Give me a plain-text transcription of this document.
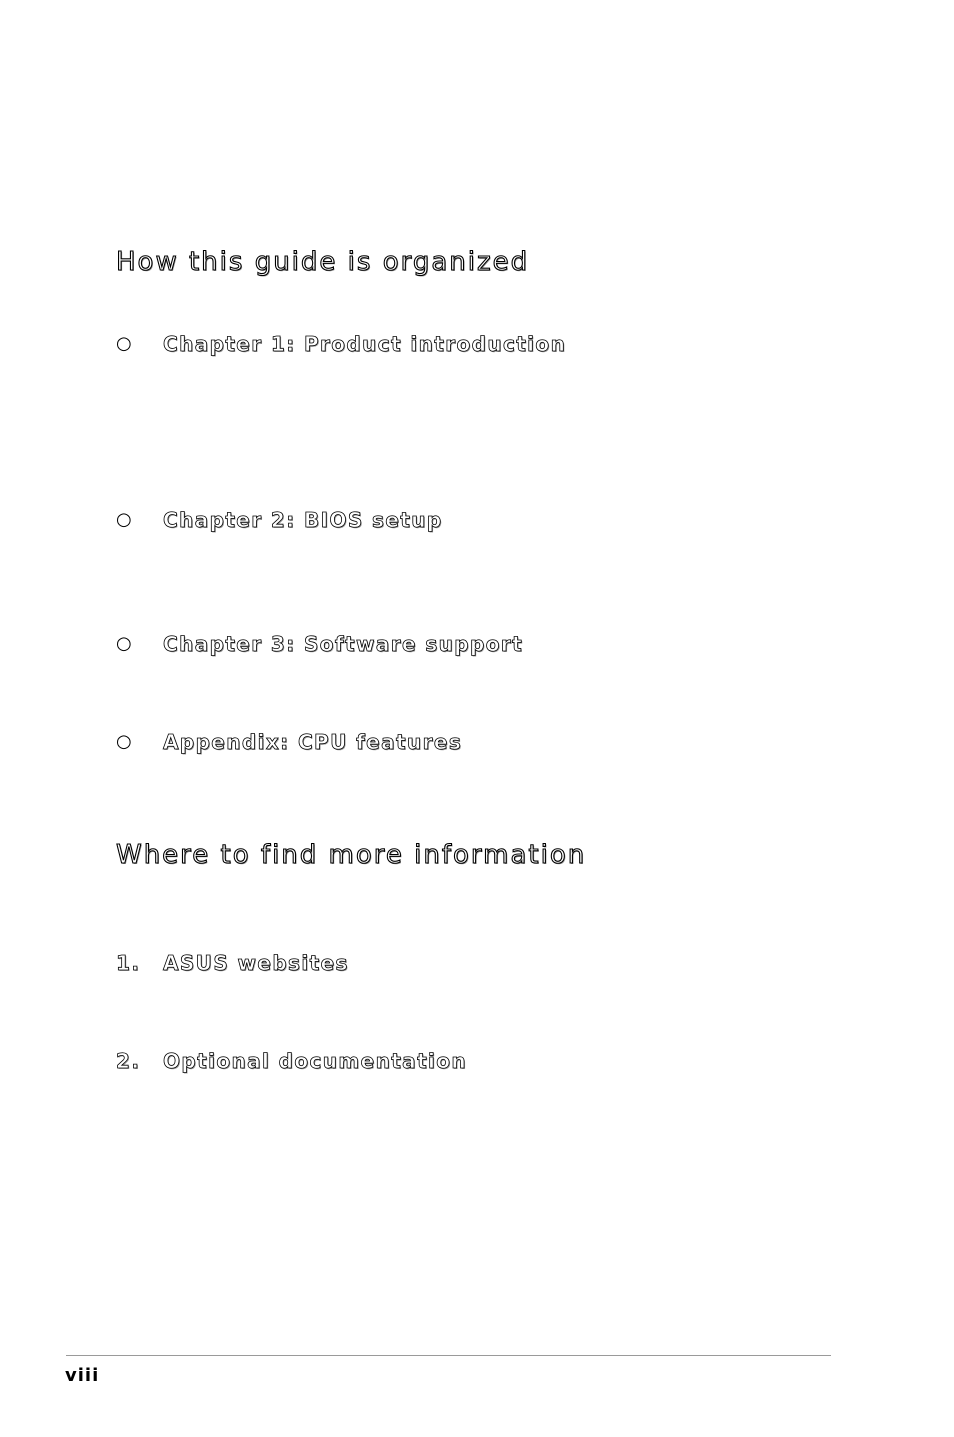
How this guide is organized
○	Chapter 1: Product introduction
○	Chapter 2: BIOS setup
○	Chapter 3: Software support
○	Appendix: CPU features
Where to find more information
1.	ASUS websites
2.	Optional documentation
viii
